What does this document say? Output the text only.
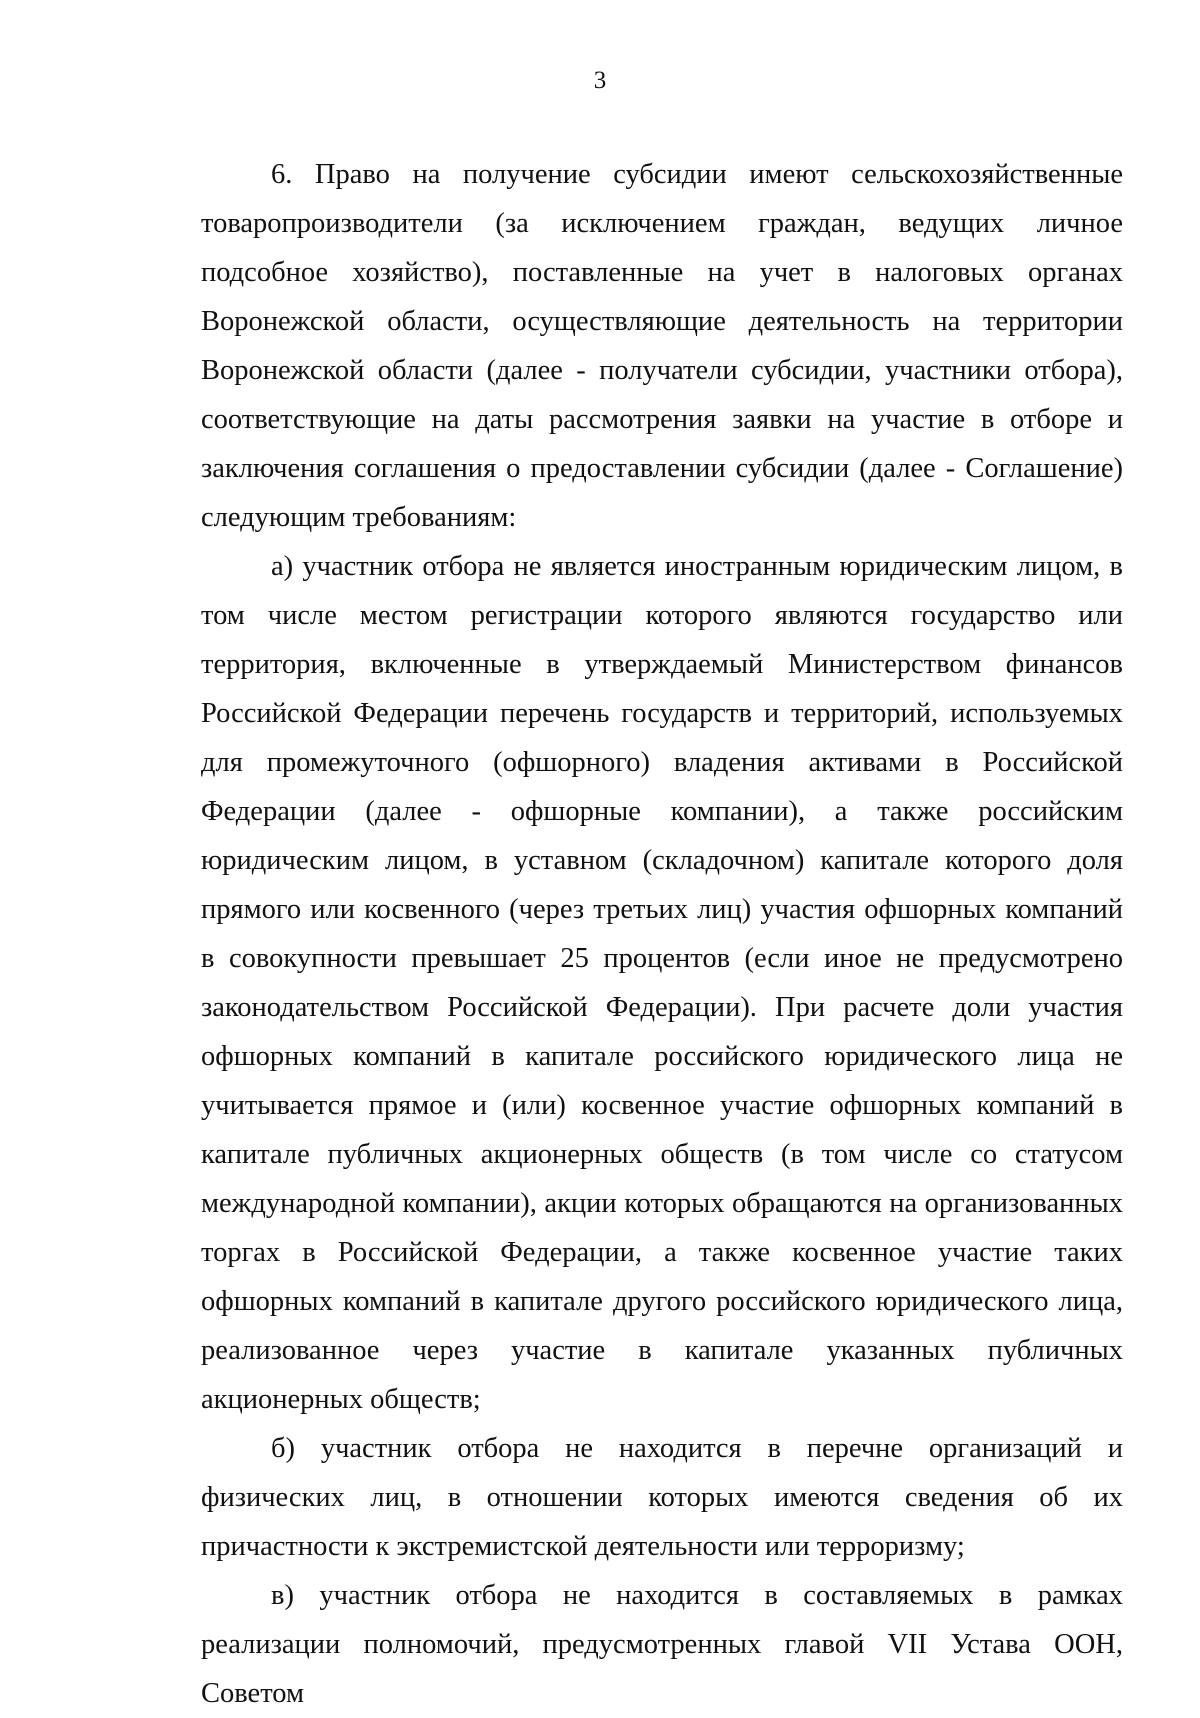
3

6. Право на получение субсидии имеют сельскохозяйственные товаропроизводители (за исключением граждан, ведущих личное подсобное хозяйство), поставленные на учет в налоговых органах Воронежской области, осуществляющие деятельность на территории Воронежской области (далее - получатели субсидии, участники отбора), соответствующие на даты рассмотрения заявки на участие в отборе и заключения соглашения о предоставлении субсидии (далее - Соглашение) следующим требованиям:

а) участник отбора не является иностранным юридическим лицом, в том числе местом регистрации которого являются государство или территория, включенные в утверждаемый Министерством финансов Российской Федерации перечень государств и территорий, используемых для промежуточного (офшорного) владения активами в Российской Федерации (далее - офшорные компании), а также российским юридическим лицом, в уставном (складочном) капитале которого доля прямого или косвенного (через третьих лиц) участия офшорных компаний в совокупности превышает 25 процентов (если иное не предусмотрено законодательством Российской Федерации). При расчете доли участия офшорных компаний в капитале российского юридического лица не учитывается прямое и (или) косвенное участие офшорных компаний в капитале публичных акционерных обществ (в том числе со статусом международной компании), акции которых обращаются на организованных торгах в Российской Федерации, а также косвенное участие таких офшорных компаний в капитале другого российского юридического лица, реализованное через участие в капитале указанных публичных акционерных обществ;

б) участник отбора не находится в перечне организаций и физических лиц, в отношении которых имеются сведения об их причастности к экстремистской деятельности или терроризму;

в) участник отбора не находится в составляемых в рамках реализации полномочий, предусмотренных главой VII Устава ООН, Советом
